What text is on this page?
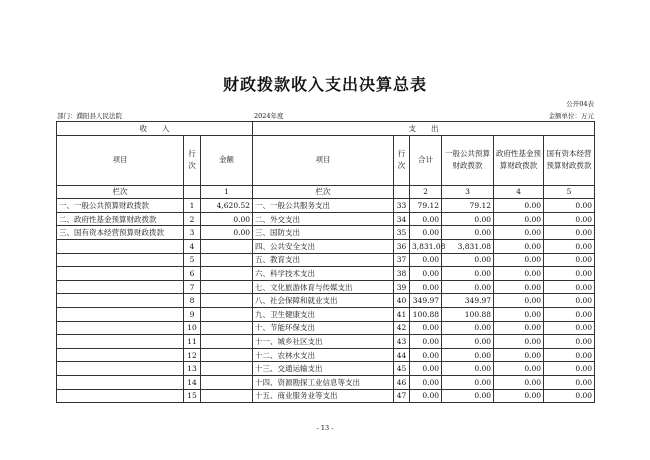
财政拨款收入支出决算总表
公开04表
部门：濮阳县人民法院	2024年度	金额单位：万元
收　　入			支　　出					
项目	行次	金额	项目	行次	合计	一般公共预算财政拨款	政府性基金预算财政拨款	国有资本经营预算财政拨款
栏次		1	栏次		2	3	4	5
一、一般公共预算财政拨款	1	4,620.52	一、一般公共服务支出	33	79.12	79.12	0.00	0.00
二、政府性基金预算财政拨款	2	0.00	二、外交支出	34	0.00	0.00	0.00	0.00
三、国有资本经营预算财政拨款	3	0.00	三、国防支出	35	0.00	0.00	0.00	0.00
	4		四、公共安全支出	36	3,831.08	3,831.08	0.00	0.00
	5		五、教育支出	37	0.00	0.00	0.00	0.00
	6		六、科学技术支出	38	0.00	0.00	0.00	0.00
	7		七、文化旅游体育与传媒支出	39	0.00	0.00	0.00	0.00
	8		八、社会保障和就业支出	40	349.97	349.97	0.00	0.00
	9		九、卫生健康支出	41	100.88	100.88	0.00	0.00
	10		十、节能环保支出	42	0.00	0.00	0.00	0.00
	11		十一、城乡社区支出	43	0.00	0.00	0.00	0.00
	12		十二、农林水支出	44	0.00	0.00	0.00	0.00
	13		十三、交通运输支出	45	0.00	0.00	0.00	0.00
	14		十四、资源勘探工业信息等支出	46	0.00	0.00	0.00	0.00
	15		十五、商业服务业等支出	47	0.00	0.00	0.00	0.00
- 13 -
